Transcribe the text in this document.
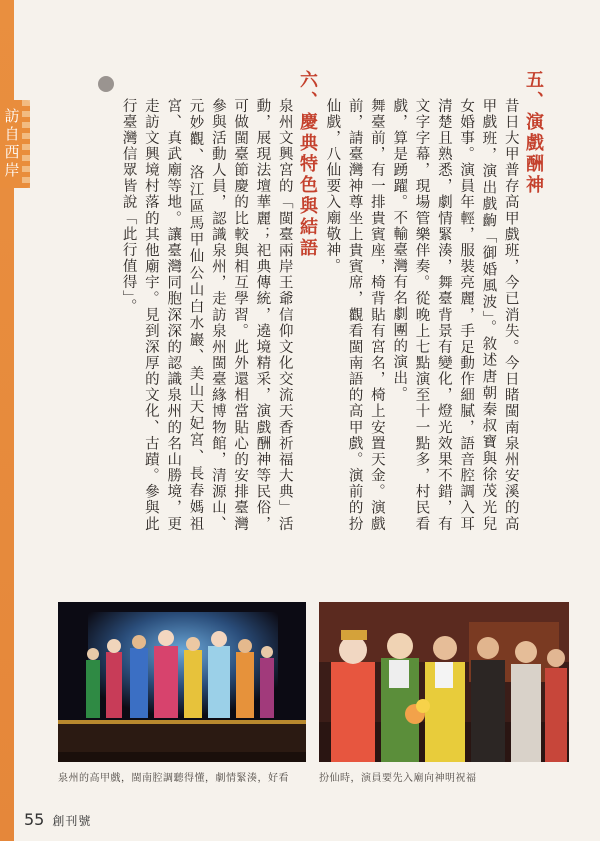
訪自西岸	五、演戲酬神
昔日大甲普存高甲戲班，今已消失。今日睹閩南泉州安溪的高甲戲班，演出戲齣「御婚風波」。敘述唐朝秦叔寶與徐茂光兒女婚事。演員年輕，服裝亮麗，手足動作細膩，語音腔調入耳清楚且熟悉，劇情緊湊，舞臺背景有變化，燈光效果不錯，有文字字幕，現場管樂伴奏。從晚上七點演至十一點多，村民看戲，算是踴躍。不輸臺灣有名劇團的演出。
舞臺前，有一排貴賓座，椅背貼有宮名，椅上安置天金。演戲前，請臺灣神尊坐上貴賓席，觀看閩南語的高甲戲。演前的扮仙戲，八仙要入廟敬神。
六、慶典特色與結語
泉州文興宮的「閩臺兩岸王爺信仰文化交流天香祈福大典」活動，展現法壇華麗；祀典傳統，遶境精采，演戲酬神等民俗，可做閩臺節慶的比較與相互學習。此外還相當貼心的安排臺灣參與活動人員，認識泉州，走訪泉州閩臺緣博物館，清源山、元妙觀、洛江區馬甲仙公山白水巖、美山天妃宮、長春媽祖宮、真武廟等地。讓臺灣同胞深深的認識泉州的名山勝境，更走訪文興境村落的其他廟宇。見到深厚的文化、古蹟。參與此行臺灣信眾皆說「此行值得」。
泉州的高甲戲，閩南腔調聽得懂，劇情緊湊，好看	扮仙時，演員要先入廟向神明祝福
55 創刊號
